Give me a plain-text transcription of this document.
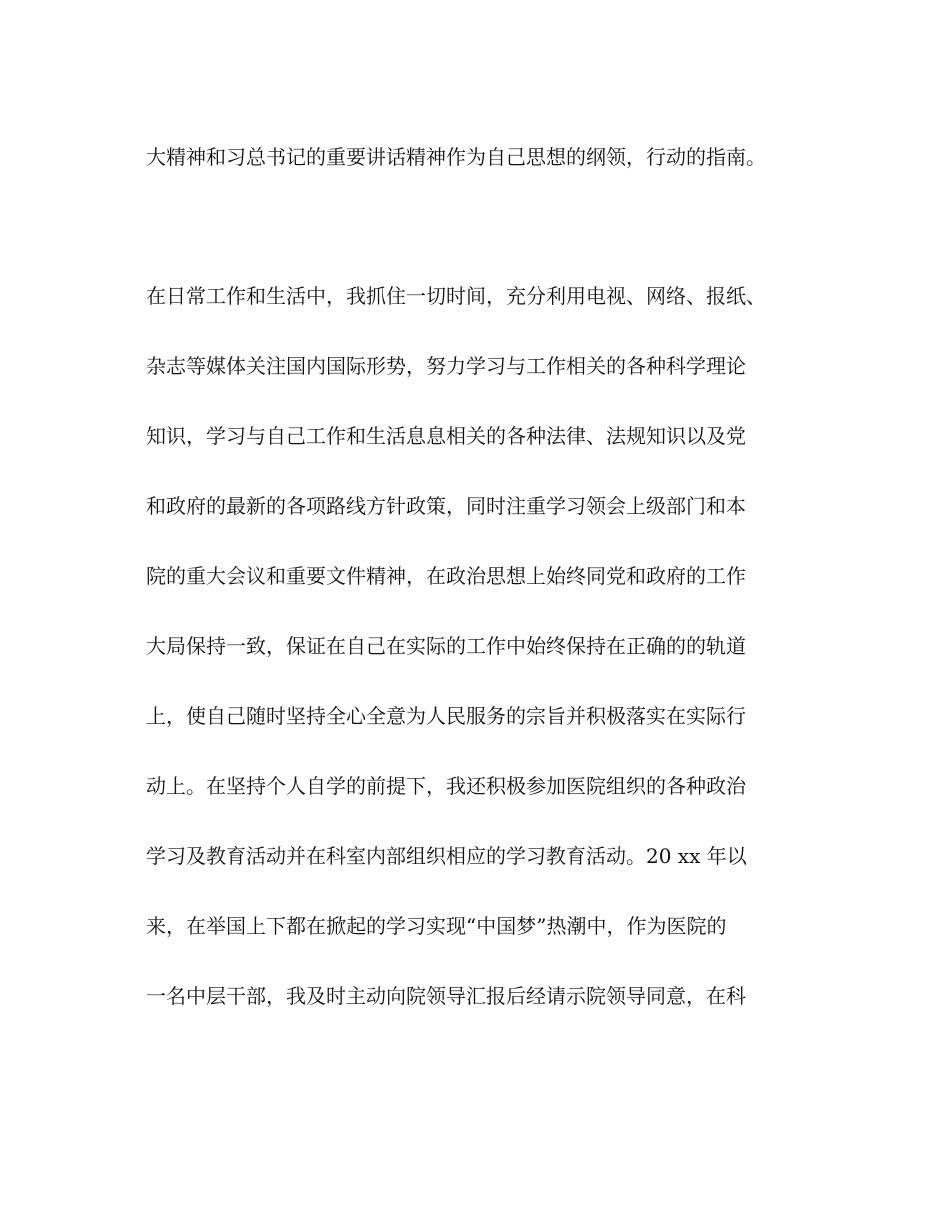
大精神和习总书记的重要讲话精神作为自己思想的纲领，行动的指南。

在日常工作和生活中，我抓住一切时间，充分利用电视、网络、报纸、

杂志等媒体关注国内国际形势，努力学习与工作相关的各种科学理论

知识，学习与自己工作和生活息息相关的各种法律、法规知识以及党

和政府的最新的各项路线方针政策，同时注重学习领会上级部门和本

院的重大会议和重要文件精神，在政治思想上始终同党和政府的工作

大局保持一致，保证在自己在实际的工作中始终保持在正确的的轨道

上，使自己随时坚持全心全意为人民服务的宗旨并积极落实在实际行

动上。在坚持个人自学的前提下，我还积极参加医院组织的各种政治

学习及教育活动并在科室内部组织相应的学习教育活动。20 xx 年以

来，在举国上下都在掀起的学习实现“中国梦”热潮中，作为医院的

一名中层干部，我及时主动向院领导汇报后经请示院领导同意，在科
